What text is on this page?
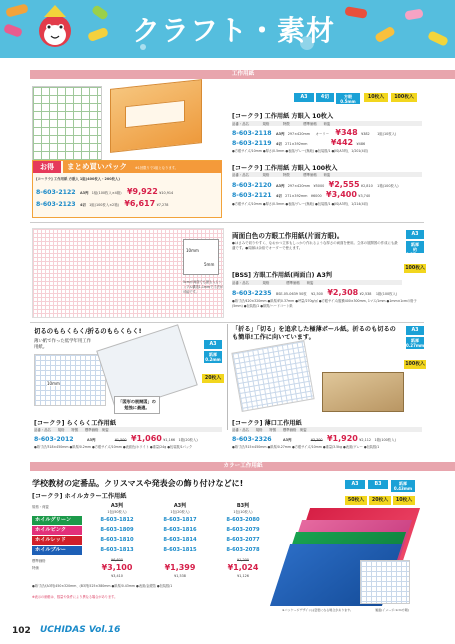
クラフト・素材
工作用紙
A3	4切	方眼
0.5mm
10枚入	100枚入
[コークラ] 工作用紙 方眼入 10枚入
品番・品名　　　　規格　　　　特徴　　　　標準価格　　荷姿
8-603-2118 A3判 297×420mm オーリー ¥348 ¥382 1組(10枚入)
8-603-2119 4切 271×392mm	¥442 ¥486
●方眼サイズ/10mm ●厚さ/0.5mm ●表面/グレー(無地) ●包装数/1 ●JIS(A3判)、1/201(4切)
お得	まとめ買いパック ※1回限りで1組となります。
[コークラ] 工作用紙 方眼入 1組(400枚入・200枚入)
8-603-2122 A3判 1組(100枚入×4箱) ¥9,922 ¥10,914
8-603-2123 4切 1組(100枚入×2箱) ¥6,617 ¥7,278
[コークラ] 工作用紙 方眼入 100枚入
品番・品名　　　　規格　　　　特徴　　　　標準価格　　荷姿
8-603-2120 A3判 297×420mm ¥5000 ¥2,555 ¥2,810 1箱(100枚入)
8-603-2121 4切 271×392mm ¥6000 ¥3,400 ¥3,740
●方眼サイズ/10mm ●厚さ/0.5mm ●表面/グレー(無地) ●包装数/1 ●JIS(A3判)、1/214(4切)
10mm
5mm
5cmが両面でも最も入るシンプル構造1.1mmで寸法が可能です。
両面白色の方眼工作用紙(片面方眼)。
●はさみで切りやすく、なおかつ立体もしっかり作れるような厚さの両面を使用。立体の展開図の作成にも最適です。●周縁は余裕でオーダーで使えます。
A3
紙厚
約0.37mm
100枚入
[BSS] 方眼工作用紙(両面白) A3判
品番・品名　　　　規格　　　　　標準価格　　荷姿
8-603-2235 BSE-05-0639 50枚 ¥2,500 ¥2,308 ¥2,538 1箱(100枚入)
●紙寸法/420×320mm ●紙厚/約0.37mm ●坪量/270g/㎡ ●方眼サイズ/縦横400×300mm, 1マス/1mm ●1mm×1cmの格子(5mm) ●包装数/1 ●紙質/ハードコート紙
切るのもらくらく/折るのもらくらく!
薄い紙で作った低学年用工作用紙。
10mm
「図形の展開図」の勉強に最適。
A3
紙厚
0.2mm
20枚入
[コークラ] らくらく工作用紙
品番・品名　　規格　　特徴　　標準価格　荷姿
8-603-2012	A3判	¥1,500 ¥1,060 ¥1,166 1箱(20枚入)
●紙寸法/318×450mm ●紙厚/0.2mm ●方眼サイズ/10mm ●表面色/ホワイト ●重量/24g ●包装数/1パック
「折る」「切る」を追求した極薄ボール紙。折るのも切るのも簡単!工作に向いています。
A3
紙厚
0.27mm
100枚入
[コークラ] 薄口工作用紙
品番・品名　　規格　　特徴　　標準価格　荷姿
8-603-2326	A3判	¥3,300 ¥1,920 ¥2,112 1箱(100枚入)
●紙寸法/315×450mm ●紙厚/0.27mm ●方眼サイズ/10mm ●重量/3.5kg ●表面/グレー ●包装数/1
カラー工作用紙
学校教材の定番品。クリスマスや発表会の飾り付けなどに!	A3	B3	紙厚
0.43mm
50枚入	20枚入	10枚入
[コークラ] ホイルカラー工作用紙
規格・荷姿	A3判	A3判	B3判
1包(50枚入)	1包(20枚入)	1包(10枚入)
ホイルグリーン	8-603-1812	8-603-1817	8-603-2080
ホイルピンク	8-603-1809	8-603-1816	8-603-2079
ホイルレッド	8-603-1810	8-603-1814	8-603-2077
ホイルブルー	8-603-1813	8-603-1815	8-603-2078
標準価格	¥6,600	¥1,200
特価	¥3,100	¥1,399	¥1,024
¥3,410	¥1,538	¥1,126
●紙寸法/(A3判)450×320mm、(B3判)525×380mm ●紙厚/0.43mm ●表面/金銀箔 ●包装数/1
※表示の価格は、数量や条件により異なる場合があります。
※パッケージデザインは変更になる場合があります。	裏面(イメージ:1cm方眼)
102 UCHIDAS Vol.16
